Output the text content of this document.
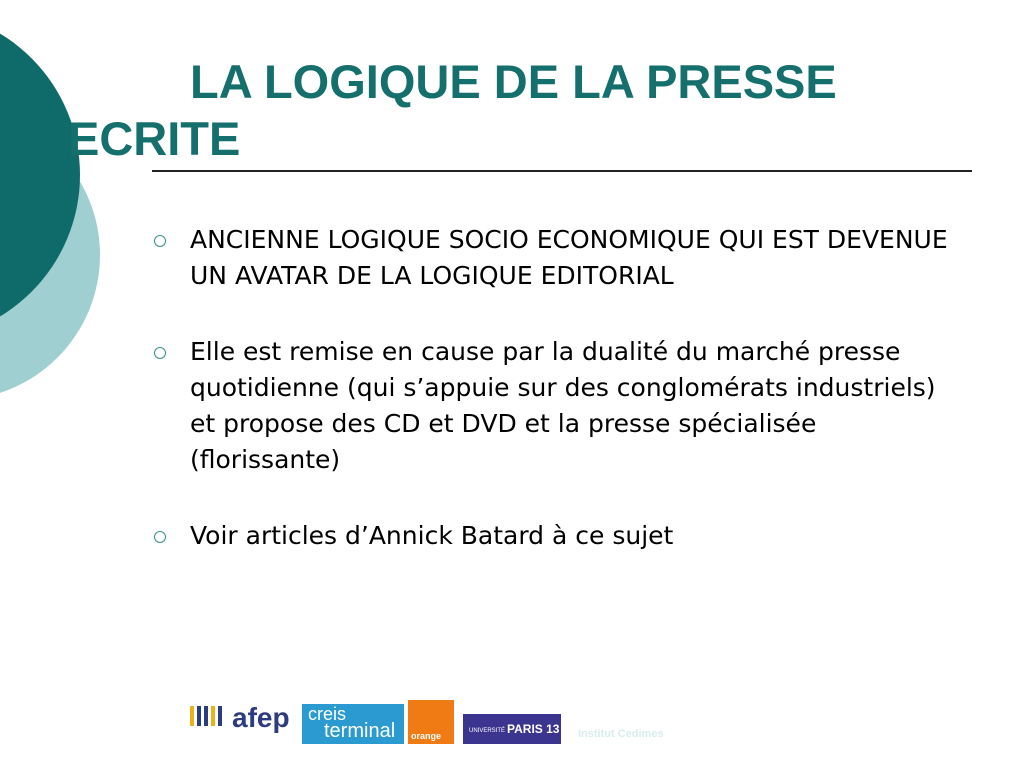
LA LOGIQUE DE LA PRESSE
ECRITE
ANCIENNE LOGIQUE SOCIO ECONOMIQUE QUI EST DEVENUE UN AVATAR DE LA LOGIQUE EDITORIAL
Elle est remise en cause par la dualité du marché presse quotidienne (qui s’appuie sur des conglomérats industriels) et propose des CD et DVD et la presse spécialisée (florissante)
Voir articles d’Annick Batard à ce sujet
afep creis
terminal orange	UNIVERSITÉ PARIS 13 Institut Cedimes
